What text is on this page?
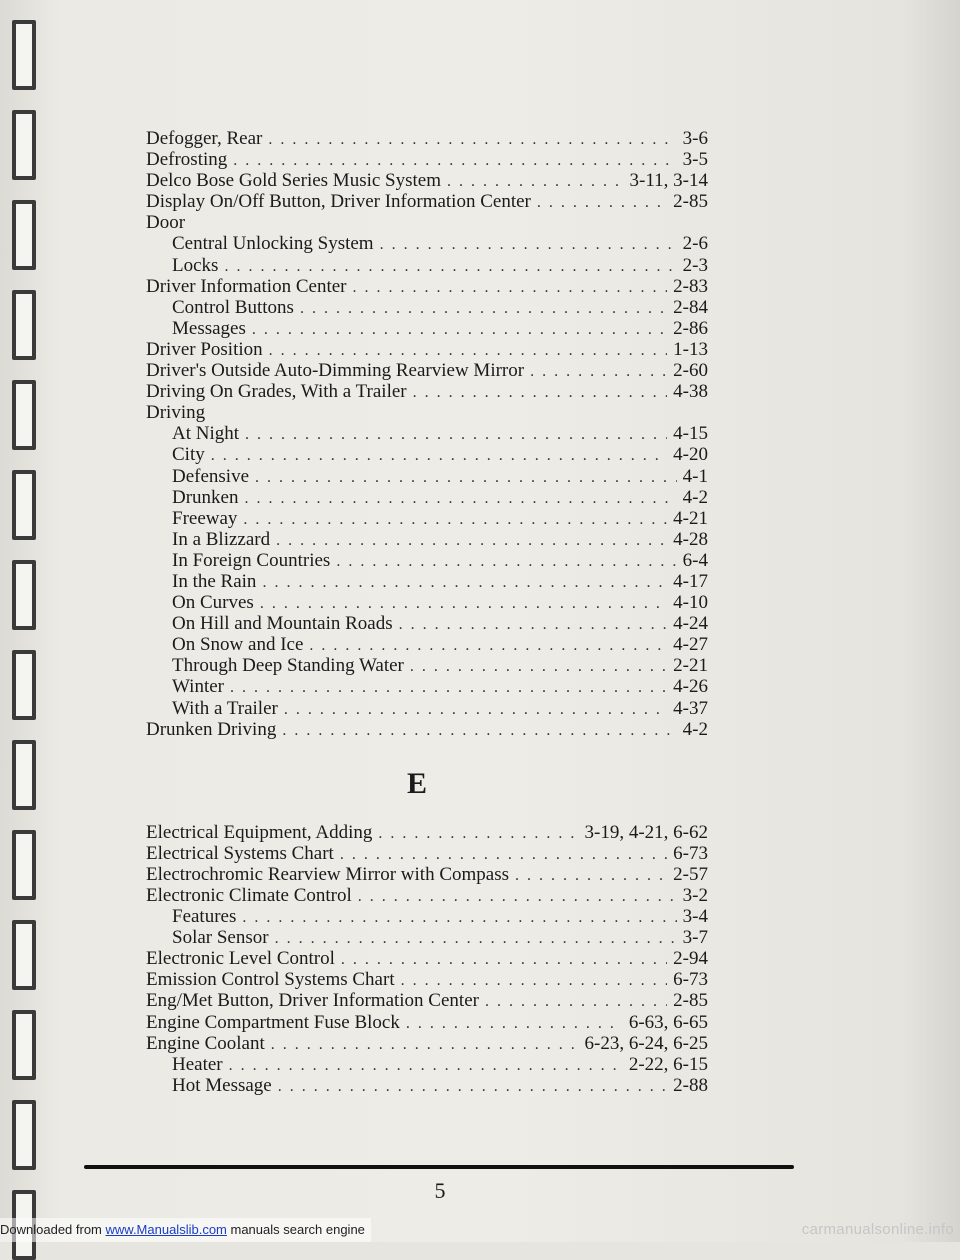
Defogger, Rear . . .	3-6
Defrosting . . .	3-5
Delco Bose Gold Series Music System . . .	3-11, 3-14
Display On/Off Button, Driver Information Center . . .	2-85
Door
Central Unlocking System . . .	2-6
Locks . . .	2-3
Driver Information Center . . .	2-83
Control Buttons . . .	2-84
Messages . . .	2-86
Driver Position . . .	1-13
Driver's Outside Auto-Dimming Rearview Mirror . . .	2-60
Driving On Grades, With a Trailer . . .	4-38
Driving
At Night . . .	4-15
City . . .	4-20
Defensive . . .	4-1
Drunken . . .	4-2
Freeway . . .	4-21
In a Blizzard . . .	4-28
In Foreign Countries . . .	6-4
In the Rain . . .	4-17
On Curves . . .	4-10
On Hill and Mountain Roads . . .	4-24
On Snow and Ice . . .	4-27
Through Deep Standing Water . . .	2-21
Winter . . .	4-26
With a Trailer . . .	4-37
Drunken Driving . . .	4-2
E
Electrical Equipment, Adding . . .	3-19, 4-21, 6-62
Electrical Systems Chart . . .	6-73
Electrochromic Rearview Mirror with Compass . . .	2-57
Electronic Climate Control . . .	3-2
Features . . .	3-4
Solar Sensor . . .	3-7
Electronic Level Control . . .	2-94
Emission Control Systems Chart . . .	6-73
Eng/Met Button, Driver Information Center . . .	2-85
Engine Compartment Fuse Block . . .	6-63, 6-65
Engine Coolant . . .	6-23, 6-24, 6-25
Heater . . .	2-22, 6-15
Hot Message . . .	2-88
5
Downloaded from www.Manualslib.com manuals search engine	carmanualsonline.info
